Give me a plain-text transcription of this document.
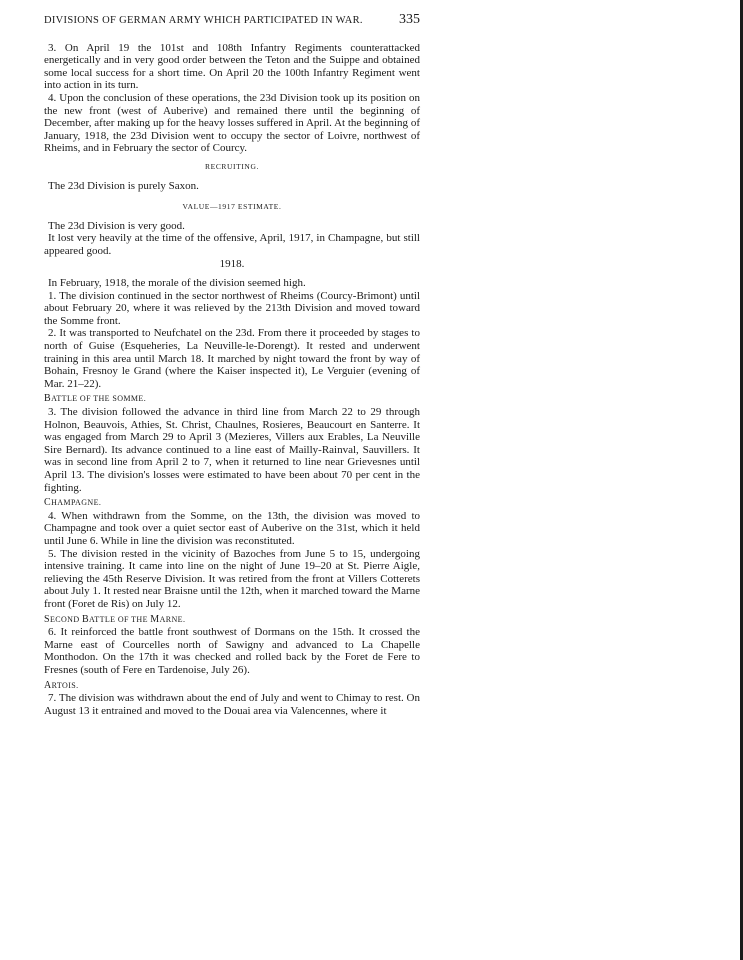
DIVISIONS OF GERMAN ARMY WHICH PARTICIPATED IN WAR.	335

3. On April 19 the 101st and 108th Infantry Regiments counterattacked energetically and in very good order between the Teton and the Suippe and obtained some local success for a short time. On April 20 the 100th Infantry Regiment went into action in its turn.

4. Upon the conclusion of these operations, the 23d Division took up its position on the new front (west of Auberive) and remained there until the beginning of December, after making up for the heavy losses suffered in April. At the beginning of January, 1918, the 23d Division went to occupy the sector of Loivre, northwest of Rheims, and in February the sector of Courcy.

RECRUITING.

The 23d Division is purely Saxon.

VALUE—1917 ESTIMATE.

The 23d Division is very good.

It lost very heavily at the time of the offensive, April, 1917, in Champagne, but still appeared good.

1918.

In February, 1918, the morale of the division seemed high.

1. The division continued in the sector northwest of Rheims (Courcy-Brimont) until about February 20, where it was relieved by the 213th Division and moved toward the Somme front.

2. It was transported to Neufchatel on the 23d. From there it proceeded by stages to north of Guise (Esqueheries, La Neuville-le-Dorengt). It rested and underwent training in this area until March 18. It marched by night toward the front by way of Bohain, Fresnoy le Grand (where the Kaiser inspected it), Le Verguier (evening of Mar. 21–22).

BATTLE OF THE SOMME.

3. The division followed the advance in third line from March 22 to 29 through Holnon, Beauvois, Athies, St. Christ, Chaulnes, Rosieres, Beaucourt en Santerre. It was engaged from March 29 to April 3 (Mezieres, Villers aux Erables, La Neuville Sire Bernard). Its advance continued to a line east of Mailly-Rainval, Sauvillers. It was in second line from April 2 to 7, when it returned to line near Grievesnes until April 13. The division's losses were estimated to have been about 70 per cent in the fighting.

CHAMPAGNE.

4. When withdrawn from the Somme, on the 13th, the division was moved to Champagne and took over a quiet sector east of Auberive on the 31st, which it held until June 6. While in line the division was reconstituted.

5. The division rested in the vicinity of Bazoches from June 5 to 15, undergoing intensive training. It came into line on the night of June 19–20 at St. Pierre Aigle, relieving the 45th Reserve Division. It was retired from the front at Villers Cotterets about July 1. It rested near Braisne until the 12th, when it marched toward the Marne front (Foret de Ris) on July 12.

SECOND BATTLE OF THE MARNE.

6. It reinforced the battle front southwest of Dormans on the 15th. It crossed the Marne east of Courcelles north of Sawigny and advanced to La Chapelle Monthodon. On the 17th it was checked and rolled back by the Foret de Fere to Fresnes (south of Fere en Tardenoise, July 26).

ARTOIS.

7. The division was withdrawn about the end of July and went to Chimay to rest. On August 13 it entrained and moved to the Douai area via Valencennes, where it
